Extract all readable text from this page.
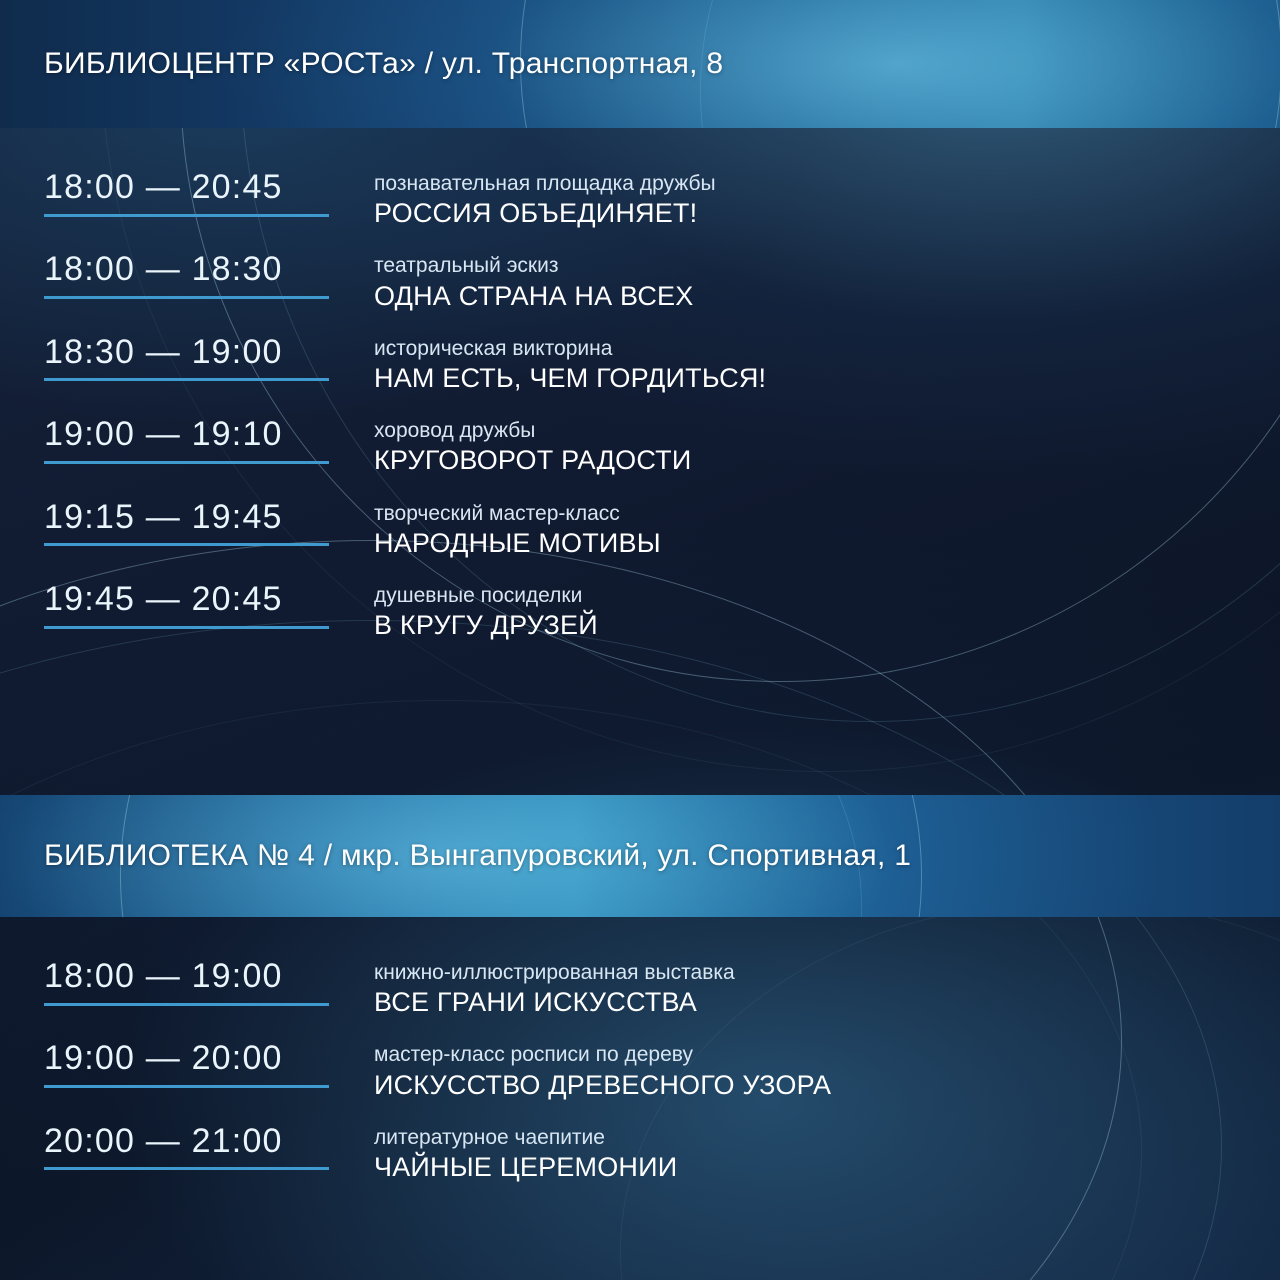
БИБЛИОЦЕНТР «РОСТа» / ул. Транспортная, 8
18:00 — 20:45	познавательная площадка дружбы
РОССИЯ ОБЪЕДИНЯЕТ!
18:00 — 18:30	театральный эскиз
ОДНА СТРАНА НА ВСЕХ
18:30 — 19:00	историческая викторина
НАМ ЕСТЬ, ЧЕМ ГОРДИТЬСЯ!
19:00 — 19:10	хоровод дружбы
КРУГОВОРОТ РАДОСТИ
19:15 — 19:45	творческий мастер-класс
НАРОДНЫЕ МОТИВЫ
19:45 — 20:45	душевные посиделки
В КРУГУ ДРУЗЕЙ
БИБЛИОТЕКА № 4 / мкр. Вынгапуровский, ул. Спортивная, 1
18:00 — 19:00	книжно-иллюстрированная выставка
ВСЕ ГРАНИ ИСКУССТВА
19:00 — 20:00	мастер-класс росписи по дереву
ИСКУССТВО ДРЕВЕСНОГО УЗОРА
20:00 — 21:00	литературное чаепитие
ЧАЙНЫЕ ЦЕРЕМОНИИ
